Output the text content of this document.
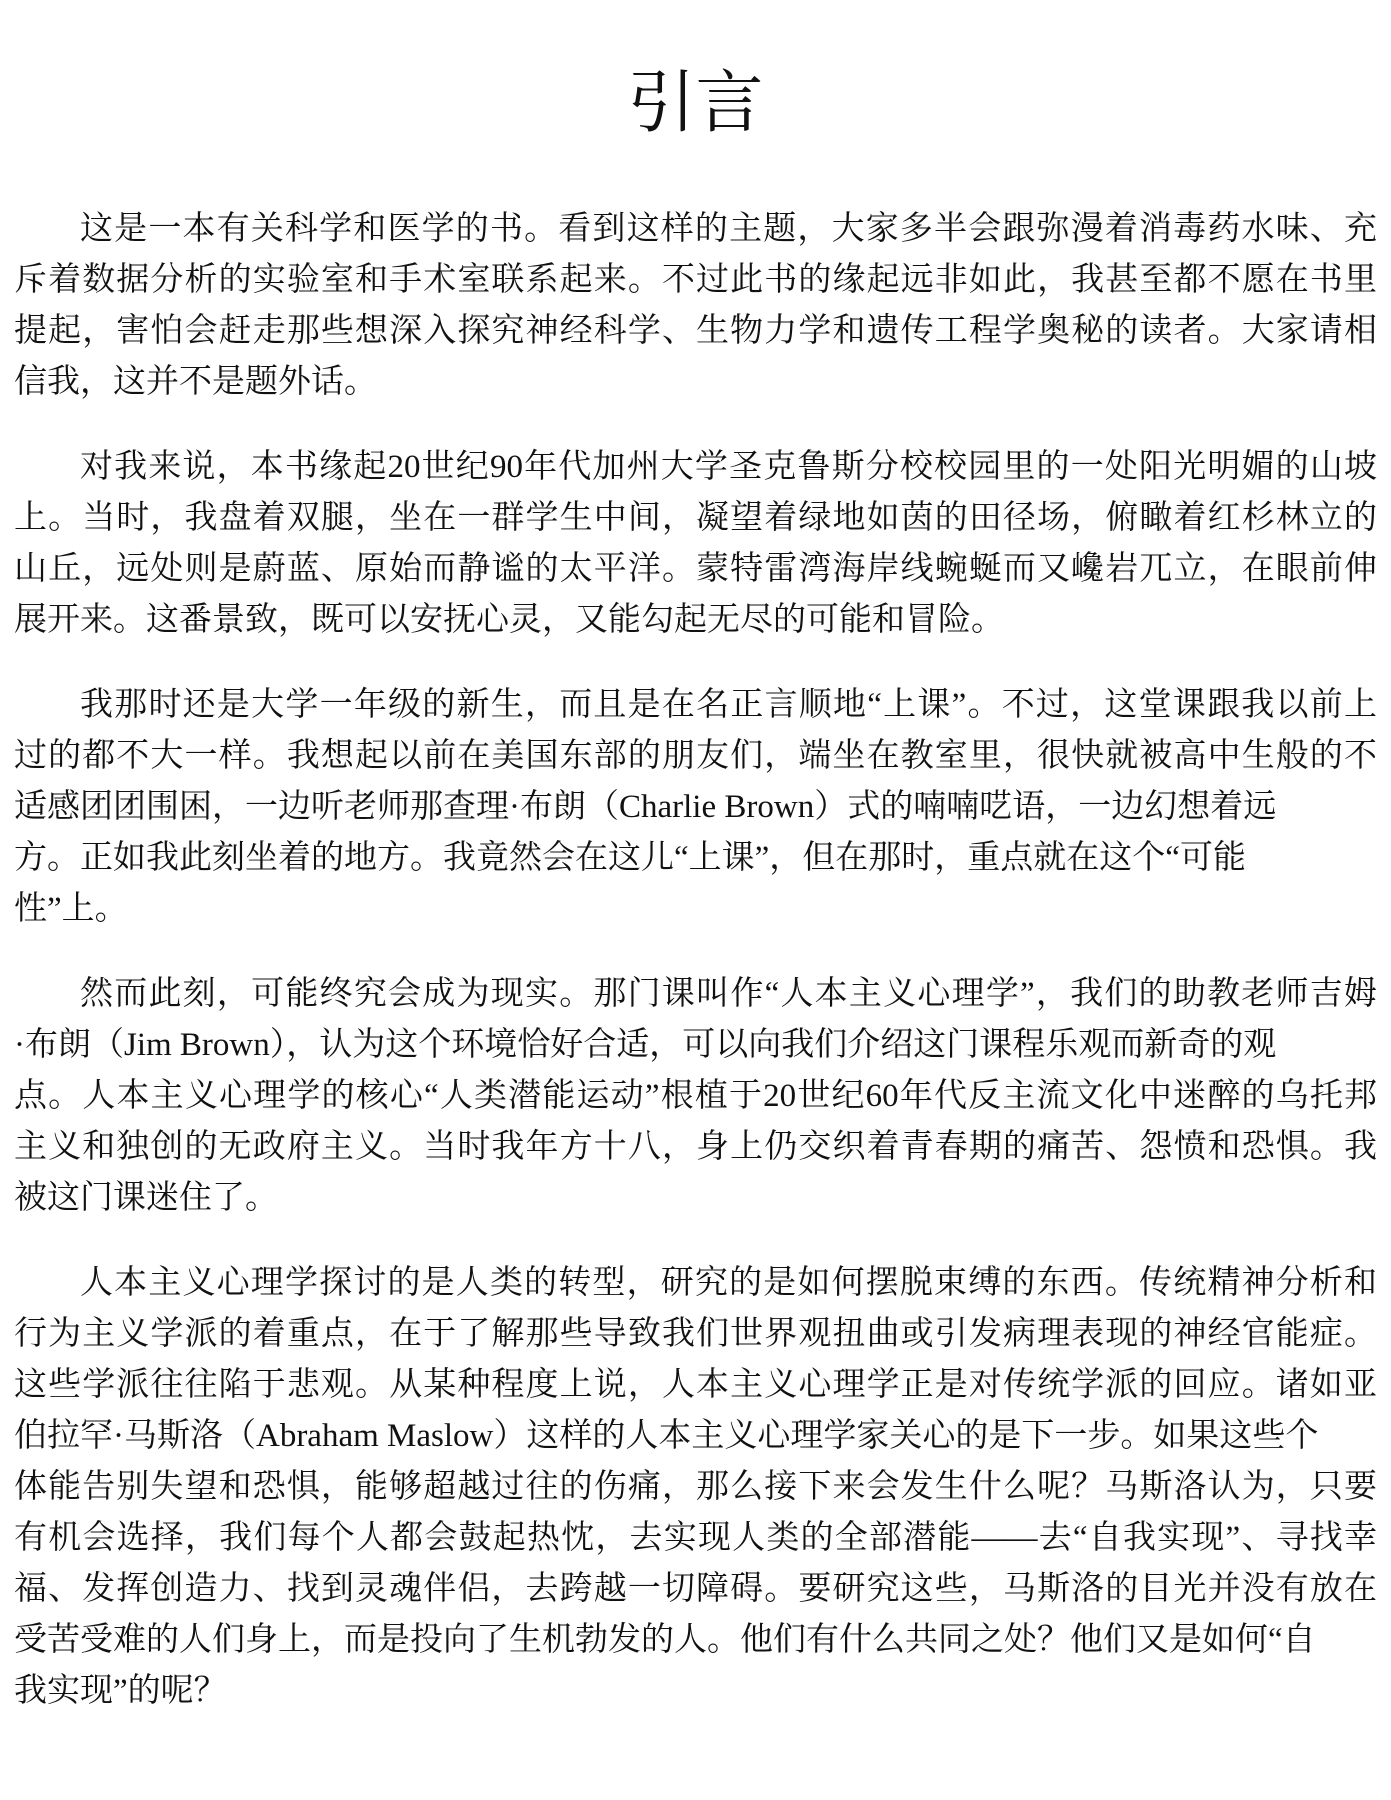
引言
这是一本有关科学和医学的书。看到这样的主题，大家多半会跟弥漫着消毒药水味、充
斥着数据分析的实验室和手术室联系起来。不过此书的缘起远非如此，我甚至都不愿在书里
提起，害怕会赶走那些想深入探究神经科学、生物力学和遗传工程学奥秘的读者。大家请相
信我，这并不是题外话。
对我来说，本书缘起20世纪90年代加州大学圣克鲁斯分校校园里的一处阳光明媚的山坡
上。当时，我盘着双腿，坐在一群学生中间，凝望着绿地如茵的田径场，俯瞰着红杉林立的
山丘，远处则是蔚蓝、原始而静谧的太平洋。蒙特雷湾海岸线蜿蜒而又巉岩兀立，在眼前伸
展开来。这番景致，既可以安抚心灵，又能勾起无尽的可能和冒险。
我那时还是大学一年级的新生，而且是在名正言顺地“上课”。不过，这堂课跟我以前上
过的都不大一样。我想起以前在美国东部的朋友们，端坐在教室里，很快就被高中生般的不
适感团团围困，一边听老师那查理·布朗（Charlie Brown）式的喃喃呓语，一边幻想着远
方。正如我此刻坐着的地方。我竟然会在这儿“上课”，但在那时，重点就在这个“可能
性”上。
然而此刻，可能终究会成为现实。那门课叫作“人本主义心理学”，我们的助教老师吉姆
·布朗（Jim Brown），认为这个环境恰好合适，可以向我们介绍这门课程乐观而新奇的观
点。人本主义心理学的核心“人类潜能运动”根植于20世纪60年代反主流文化中迷醉的乌托邦
主义和独创的无政府主义。当时我年方十八，身上仍交织着青春期的痛苦、怨愤和恐惧。我
被这门课迷住了。
人本主义心理学探讨的是人类的转型，研究的是如何摆脱束缚的东西。传统精神分析和
行为主义学派的着重点，在于了解那些导致我们世界观扭曲或引发病理表现的神经官能症。
这些学派往往陷于悲观。从某种程度上说，人本主义心理学正是对传统学派的回应。诸如亚
伯拉罕·马斯洛（Abraham Maslow）这样的人本主义心理学家关心的是下一步。如果这些个
体能告别失望和恐惧，能够超越过往的伤痛，那么接下来会发生什么呢？马斯洛认为，只要
有机会选择，我们每个人都会鼓起热忱，去实现人类的全部潜能——去“自我实现”、寻找幸
福、发挥创造力、找到灵魂伴侣，去跨越一切障碍。要研究这些，马斯洛的目光并没有放在
受苦受难的人们身上，而是投向了生机勃发的人。他们有什么共同之处？他们又是如何“自
我实现”的呢？
